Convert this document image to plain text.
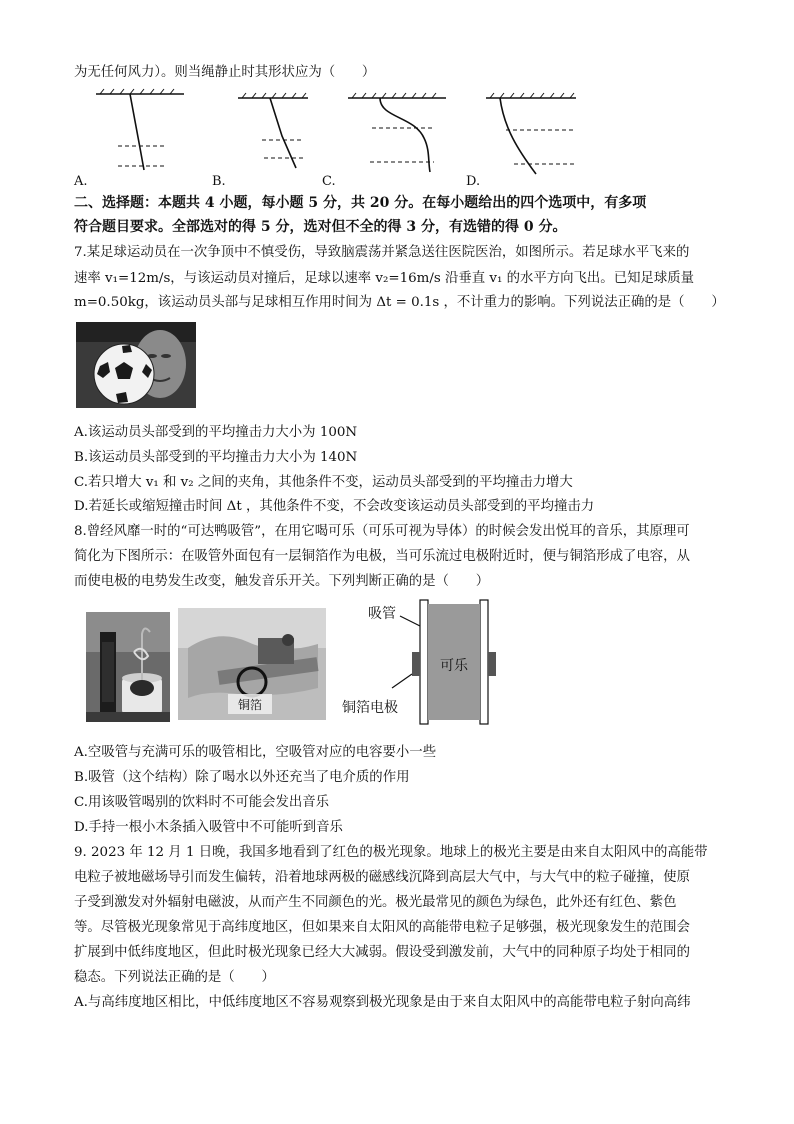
为无任何风力）。则当绳静止时其形状应为（　　）
A.	B.	C.	D.
二、选择题：本题共 4 小题，每小题 5 分，共 20 分。在每小题给出的四个选项中，有多项
符合题目要求。全部选对的得 5 分，选对但不全的得 3 分，有选错的得 0 分。
7.某足球运动员在一次争顶中不慎受伤，导致脑震荡并紧急送往医院医治，如图所示。若足球水平飞来的
速率 v₁=12m/s，与该运动员对撞后，足球以速率 v₂=16m/s 沿垂直 v₁ 的水平方向飞出。已知足球质量
m=0.50kg，该运动员头部与足球相互作用时间为 Δt = 0.1s ，不计重力的影响。下列说法正确的是（　　）
A.该运动员头部受到的平均撞击力大小为 100N
B.该运动员头部受到的平均撞击力大小为 140N
C.若只增大 v₁ 和 v₂ 之间的夹角，其他条件不变，运动员头部受到的平均撞击力增大
D.若延长或缩短撞击时间 Δt ，其他条件不变，不会改变该运动员头部受到的平均撞击力
8.曾经风靡一时的“可达鸭吸管”，在用它喝可乐（可乐可视为导体）的时候会发出悦耳的音乐，其原理可
简化为下图所示：在吸管外面包有一层铜箔作为电极，当可乐流过电极附近时，便与铜箔形成了电容，从
而使电极的电势发生改变，触发音乐开关。下列判断正确的是（　　）
铜箔
吸管
可乐
铜箔电极
A.空吸管与充满可乐的吸管相比，空吸管对应的电容要小一些
B.吸管（这个结构）除了喝水以外还充当了电介质的作用
C.用该吸管喝别的饮料时不可能会发出音乐
D.手持一根小木条插入吸管中不可能听到音乐
9. 2023 年 12 月 1 日晚，我国多地看到了红色的极光现象。地球上的极光主要是由来自太阳风中的高能带
电粒子被地磁场导引而发生偏转，沿着地球两极的磁感线沉降到高层大气中，与大气中的粒子碰撞，使原
子受到激发对外辐射电磁波，从而产生不同颜色的光。极光最常见的颜色为绿色，此外还有红色、紫色
等。尽管极光现象常见于高纬度地区，但如果来自太阳风的高能带电粒子足够强，极光现象发生的范围会
扩展到中低纬度地区，但此时极光现象已经大大减弱。假设受到激发前，大气中的同种原子均处于相同的
稳态。下列说法正确的是（　　）
A.与高纬度地区相比，中低纬度地区不容易观察到极光现象是由于来自太阳风中的高能带电粒子射向高纬
